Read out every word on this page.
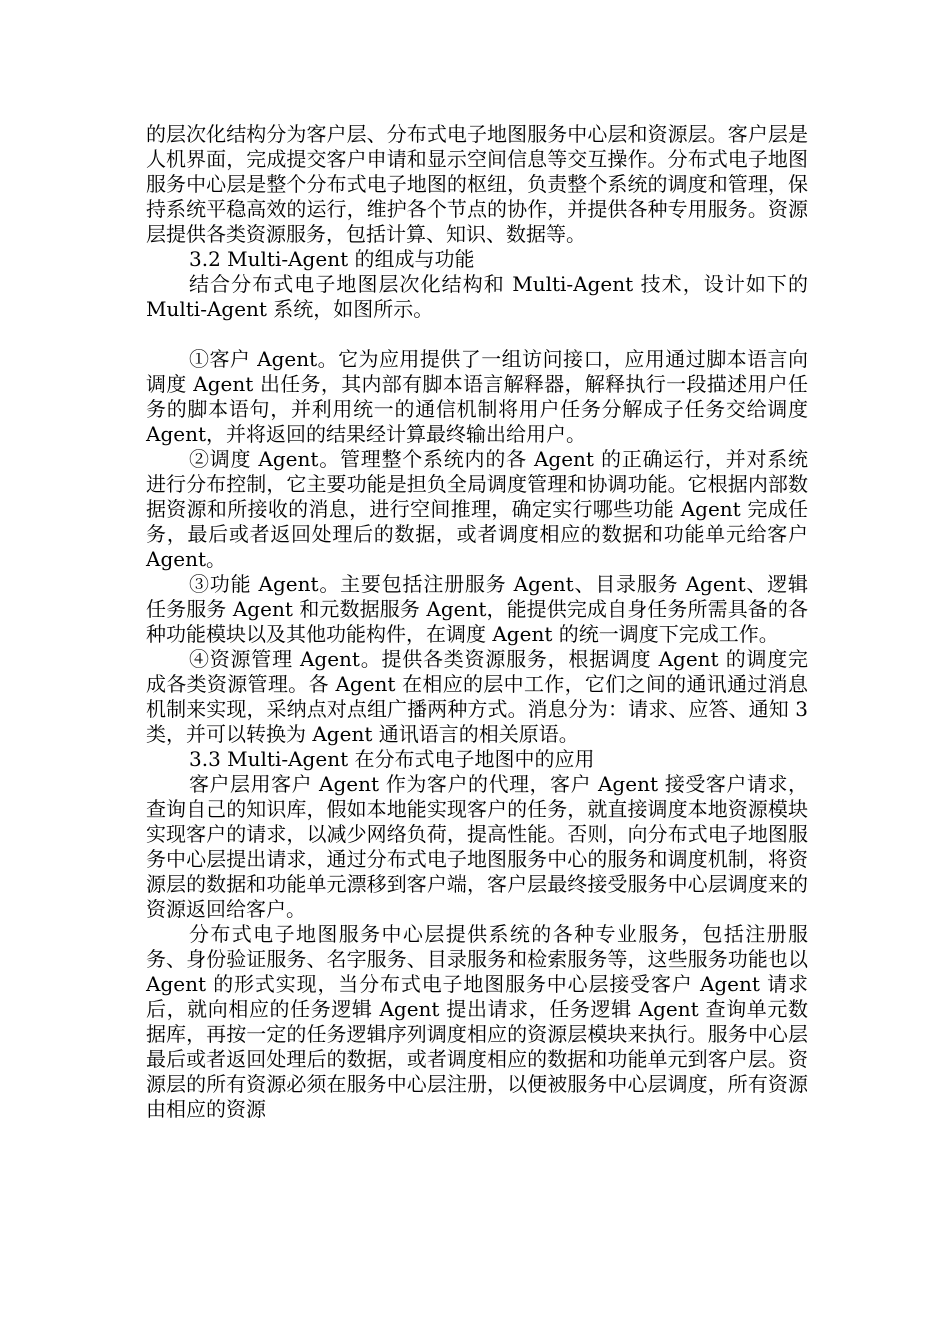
的层次化结构分为客户层、分布式电子地图服务中心层和资源层。客户层是人机界面，完成提交客户申请和显示空间信息等交互操作。分布式电子地图服务中心层是整个分布式电子地图的枢纽，负责整个系统的调度和管理，保持系统平稳高效的运行，维护各个节点的协作，并提供各种专用服务。资源层提供各类资源服务，包括计算、知识、数据等。

3.2 Multi-Agent 的组成与功能

结合分布式电子地图层次化结构和 Multi-Agent 技术，设计如下的 Multi-Agent 系统，如图所示。

①客户 Agent。它为应用提供了一组访问接口，应用通过脚本语言向调度 Agent 出任务，其内部有脚本语言解释器，解释执行一段描述用户任务的脚本语句，并利用统一的通信机制将用户任务分解成子任务交给调度 Agent，并将返回的结果经计算最终输出给用户。

②调度 Agent。管理整个系统内的各 Agent 的正确运行，并对系统进行分布控制，它主要功能是担负全局调度管理和协调功能。它根据内部数据资源和所接收的消息，进行空间推理，确定实行哪些功能 Agent 完成任务，最后或者返回处理后的数据，或者调度相应的数据和功能单元给客户 Agent。

③功能 Agent。主要包括注册服务 Agent、目录服务 Agent、逻辑任务服务 Agent 和元数据服务 Agent，能提供完成自身任务所需具备的各种功能模块以及其他功能构件，在调度 Agent 的统一调度下完成工作。

④资源管理 Agent。提供各类资源服务，根据调度 Agent 的调度完成各类资源管理。各 Agent 在相应的层中工作，它们之间的通讯通过消息机制来实现，采纳点对点组广播两种方式。消息分为：请求、应答、通知 3 类，并可以转换为 Agent 通讯语言的相关原语。

3.3 Multi-Agent 在分布式电子地图中的应用

客户层用客户 Agent 作为客户的代理，客户 Agent 接受客户请求，查询自己的知识库，假如本地能实现客户的任务，就直接调度本地资源模块实现客户的请求，以减少网络负荷，提高性能。否则，向分布式电子地图服务中心层提出请求，通过分布式电子地图服务中心的服务和调度机制，将资源层的数据和功能单元漂移到客户端，客户层最终接受服务中心层调度来的资源返回给客户。

分布式电子地图服务中心层提供系统的各种专业服务，包括注册服务、身份验证服务、名字服务、目录服务和检索服务等，这些服务功能也以 Agent 的形式实现，当分布式电子地图服务中心层接受客户 Agent 请求后，就向相应的任务逻辑 Agent 提出请求，任务逻辑 Agent 查询单元数据库，再按一定的任务逻辑序列调度相应的资源层模块来执行。服务中心层最后或者返回处理后的数据，或者调度相应的数据和功能单元到客户层。资源层的所有资源必须在服务中心层注册，以便被服务中心层调度，所有资源由相应的资源
